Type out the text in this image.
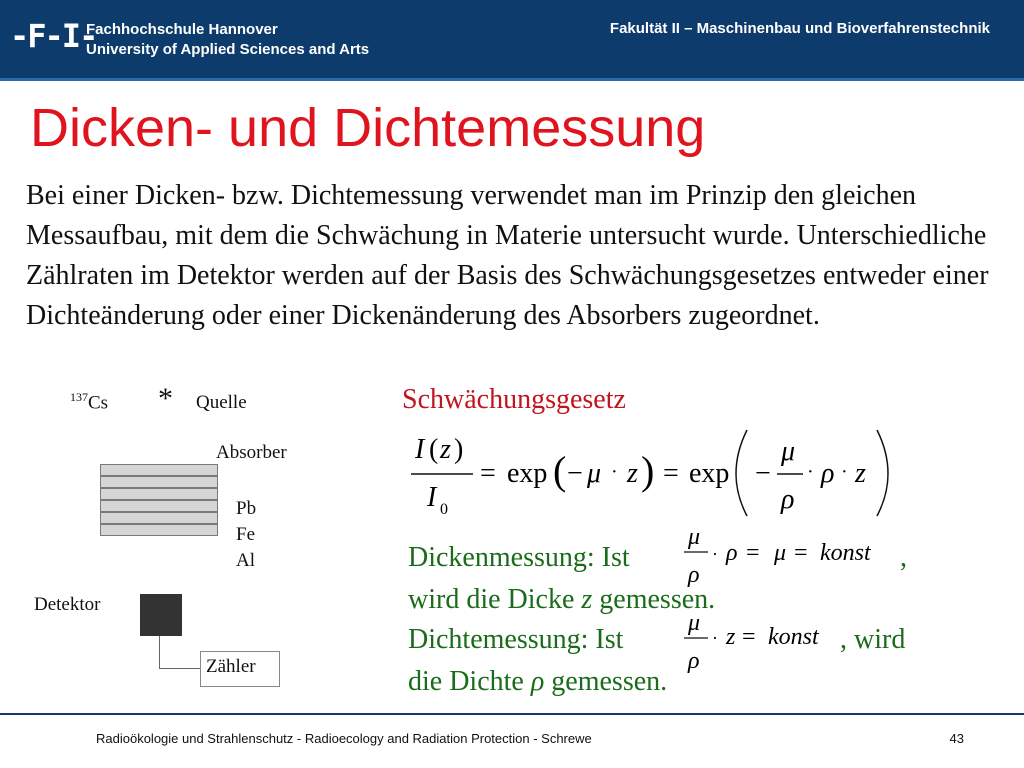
-F-I-
Fachhochschule Hannover
University of Applied Sciences and Arts
Fakultät II – Maschinenbau und Bioverfahrenstechnik
Dicken- und Dichtemessung
Bei einer Dicken- bzw. Dichtemessung verwendet man im Prinzip den gleichen Messaufbau, mit dem die Schwächung in Materie untersucht wurde. Unterschiedliche Zählraten im Detektor werden auf der Basis des Schwächungsgesetzes entweder einer Dichteänderung oder einer Dickenänderung des Absorbers zugeordnet.
$^{137}$Cs * Quelle
Absorber
Pb
Fe
Al
Detektor
Zähler
Schwächungsgesetz
I ( z )
I 0
= exp ( − μ · z ) = exp −
μ
ρ
· ρ · z
Dickenmessung: Ist
μ
ρ
· ρ = μ = konst ,
wird die Dicke z gemessen.
Dichtemessung: Ist
μ
ρ
· z = konst , wird
die Dichte ρ gemessen.
Radioökologie und Strahlenschutz - Radioecology and Radiation Protection - Schrewe	43
